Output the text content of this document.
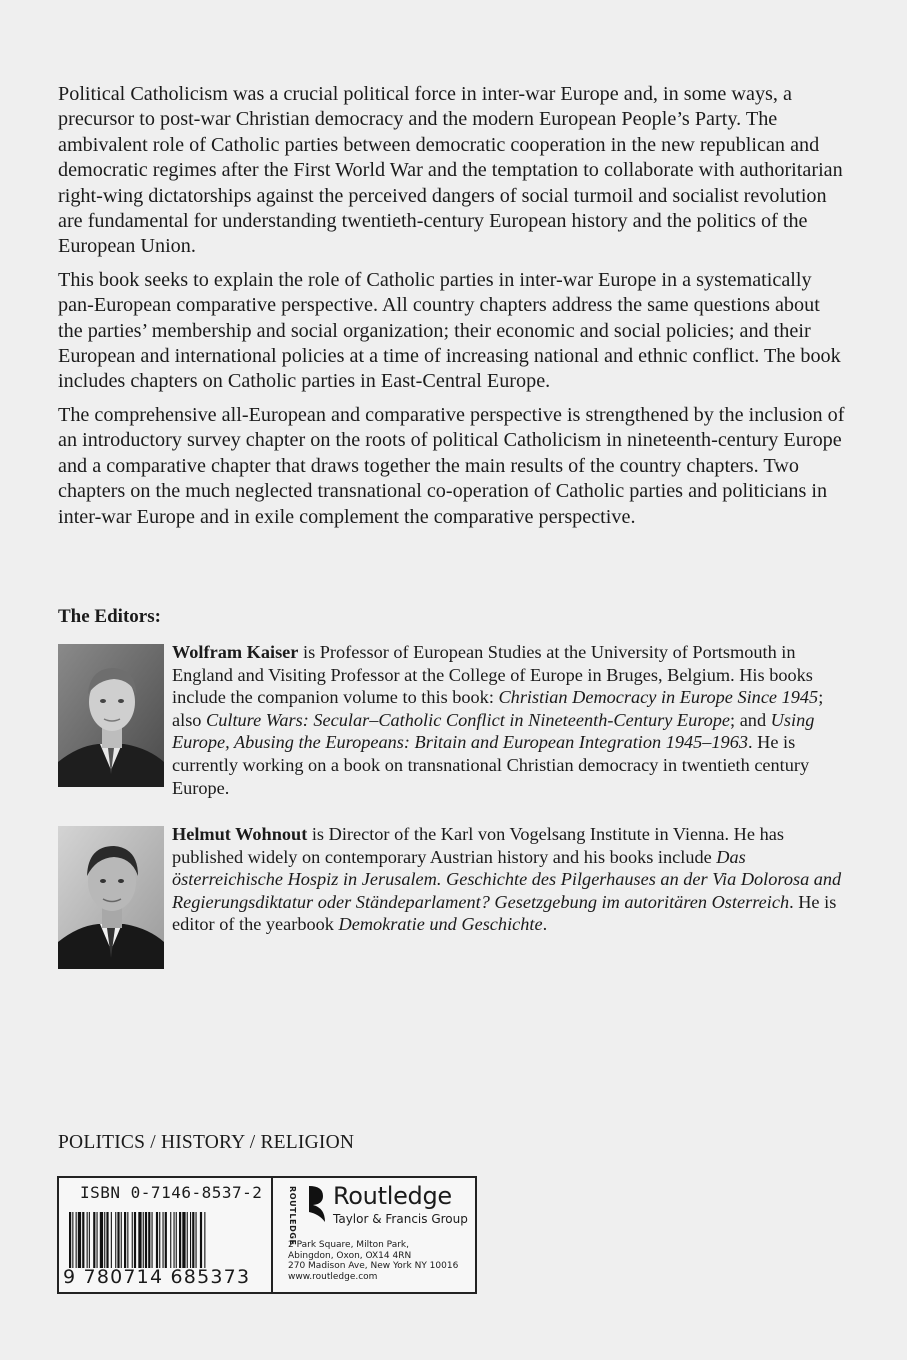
Political Catholicism was a crucial political force in inter-war Europe and, in some ways, a precursor to post-war Christian democracy and the modern European People’s Party. The ambivalent role of Catholic parties between democratic cooperation in the new republican and democratic regimes after the First World War and the temptation to collaborate with authoritarian right-wing dictatorships against the perceived dangers of social turmoil and socialist revolution are fundamental for understanding twentieth-century European history and the politics of the European Union.

This book seeks to explain the role of Catholic parties in inter-war Europe in a systematically pan-European comparative perspective. All country chapters address the same questions about the parties’ membership and social organization; their economic and social policies; and their European and international policies at a time of increasing national and ethnic conflict. The book includes chapters on Catholic parties in East-Central Europe.

The comprehensive all-European and comparative perspective is strengthened by the inclusion of an introductory survey chapter on the roots of political Catholicism in nineteenth-century Europe and a comparative chapter that draws together the main results of the country chapters. Two chapters on the much neglected transnational co-operation of Catholic parties and politicians in inter-war Europe and in exile complement the comparative perspective.

The Editors:
Wolfram Kaiser is Professor of European Studies at the University of Portsmouth in England and Visiting Professor at the College of Europe in Bruges, Belgium. His books include the companion volume to this book: Christian Democracy in Europe Since 1945; also Culture Wars: Secular–Catholic Conflict in Nineteenth-Century Europe; and Using Europe, Abusing the Europeans: Britain and European Integration 1945–1963. He is currently working on a book on transnational Christian democracy in twentieth century Europe.
Helmut Wohnout is Director of the Karl von Vogelsang Institute in Vienna. He has published widely on contemporary Austrian history and his books include Das österreichische Hospiz in Jerusalem. Geschichte des Pilgerhauses an der Via Dolorosa and Regierungsdiktatur oder Ständeparlament? Gesetzgebung im autoritären Osterreich. He is editor of the yearbook Demokratie und Geschichte.
POLITICS / HISTORY / RELIGION
ISBN 0-7146-8537-2
9 780714 685373
ROUTLEDGE Routledge
Taylor & Francis Group
2 Park Square, Milton Park,
Abingdon, Oxon, OX14 4RN
270 Madison Ave, New York NY 10016
www.routledge.com
